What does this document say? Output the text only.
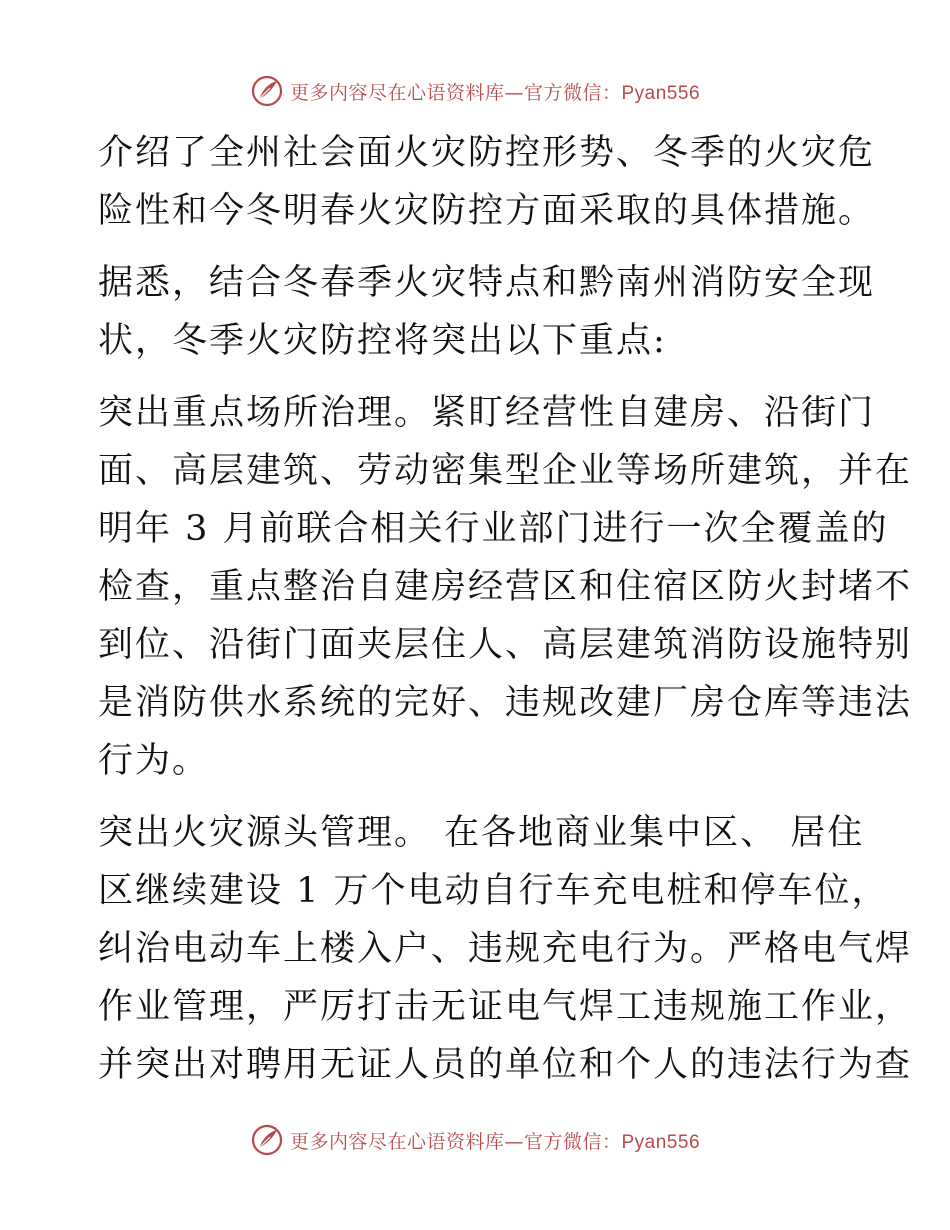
更多内容尽在心语资料库—官方微信：Pyan556
介绍了全州社会面火灾防控形势、冬季的火灾危
险性和今冬明春火灾防控方面采取的具体措施。
据悉，结合冬春季火灾特点和黔南州消防安全现
状，冬季火灾防控将突出以下重点:
突出重点场所治理。紧盯经营性自建房、沿街门
面、高层建筑、劳动密集型企业等场所建筑，并在
明年 3 月前联合相关行业部门进行一次全覆盖的
检查，重点整治自建房经营区和住宿区防火封堵不
到位、沿街门面夹层住人、高层建筑消防设施特别
是消防供水系统的完好、违规改建厂房仓库等违法
行为。
突出火灾源头管理。 在各地商业集中区、 居住
区继续建设 1 万个电动自行车充电桩和停车位，
纠治电动车上楼入户、违规充电行为。严格电气焊
作业管理，严厉打击无证电气焊工违规施工作业，
并突出对聘用无证人员的单位和个人的违法行为查
更多内容尽在心语资料库—官方微信：Pyan556
